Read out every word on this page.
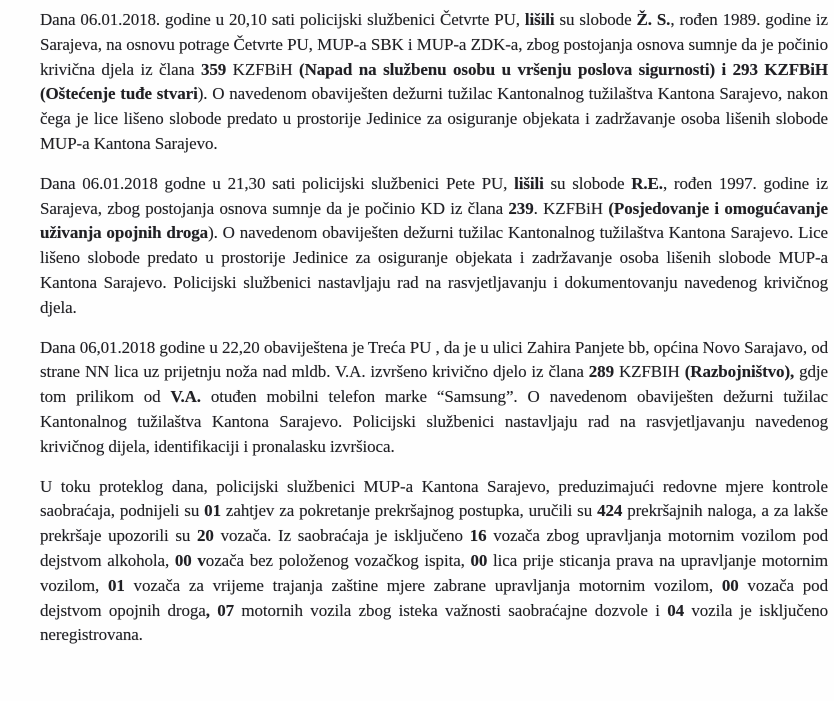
Dana 06.01.2018. godine u 20,10 sati policijski službenici Četvrte PU, lišili su slobode Ž. S., rođen 1989. godine iz Sarajeva, na osnovu potrage Četvrte PU, MUP-a SBK i MUP-a ZDK-a, zbog postojanja osnova sumnje da je počinio krivična djela iz člana 359 KZFBiH (Napad na službenu osobu u vršenju poslova sigurnosti) i 293 KZFBiH (Oštećenje tuđe stvari). O navedenom obaviješten dežurni tužilac Kantonalnog tužilaštva Kantona Sarajevo, nakon čega je lice lišeno slobode predato u prostorije Jedinice za osiguranje objekata i zadržavanje osoba lišenih slobode MUP-a Kantona Sarajevo.

Dana 06.01.2018 godne u 21,30 sati policijski službenici Pete PU, lišili su slobode R.E., rođen 1997. godine iz Sarajeva, zbog postojanja osnova sumnje da je počinio KD iz člana 239. KZFBiH (Posjedovanje i omogućavanje uživanja opojnih droga). O navedenom obaviješten dežurni tužilac Kantonalnog tužilaštva Kantona Sarajevo. Lice lišeno slobode predato u prostorije Jedinice za osiguranje objekata i zadržavanje osoba lišenih slobode MUP-a Kantona Sarajevo. Policijski službenici nastavljaju rad na rasvjetljavanju i dokumentovanju navedenog krivičnog djela.

Dana 06,01.2018 godine u 22,20 obaviještena je Treća PU , da je u ulici Zahira Panjete bb, općina Novo Sarajavo, od strane NN lica uz prijetnju noža nad mldb. V.A. izvršeno krivično djelo iz člana 289 KZFBIH (Razbojništvo), gdje tom prilikom od V.A. otuđen mobilni telefon marke “Samsung”. O navedenom obaviješten dežurni tužilac Kantonalnog tužilaštva Kantona Sarajevo. Policijski službenici nastavljaju rad na rasvjetljavanju navedenog krivičnog dijela, identifikaciji i pronalasku izvršioca.

U toku proteklog dana, policijski službenici MUP-a Kantona Sarajevo, preduzimajući redovne mjere kontrole saobraćaja, podnijeli su 01 zahtjev za pokretanje prekršajnog postupka, uručili su 424 prekršajnih naloga, a za lakše prekršaje upozorili su 20 vozača. Iz saobraćaja je isključeno 16 vozača zbog upravljanja motornim vozilom pod dejstvom alkohola, 00 vozača bez položenog vozačkog ispita, 00 lica prije sticanja prava na upravljanje motornim vozilom, 01 vozača za vrijeme trajanja zaštine mjere zabrane upravljanja motornim vozilom, 00 vozača pod dejstvom opojnih droga, 07 motornih vozila zbog isteka važnosti saobraćajne dozvole i 04 vozila je isključeno neregistrovana.
